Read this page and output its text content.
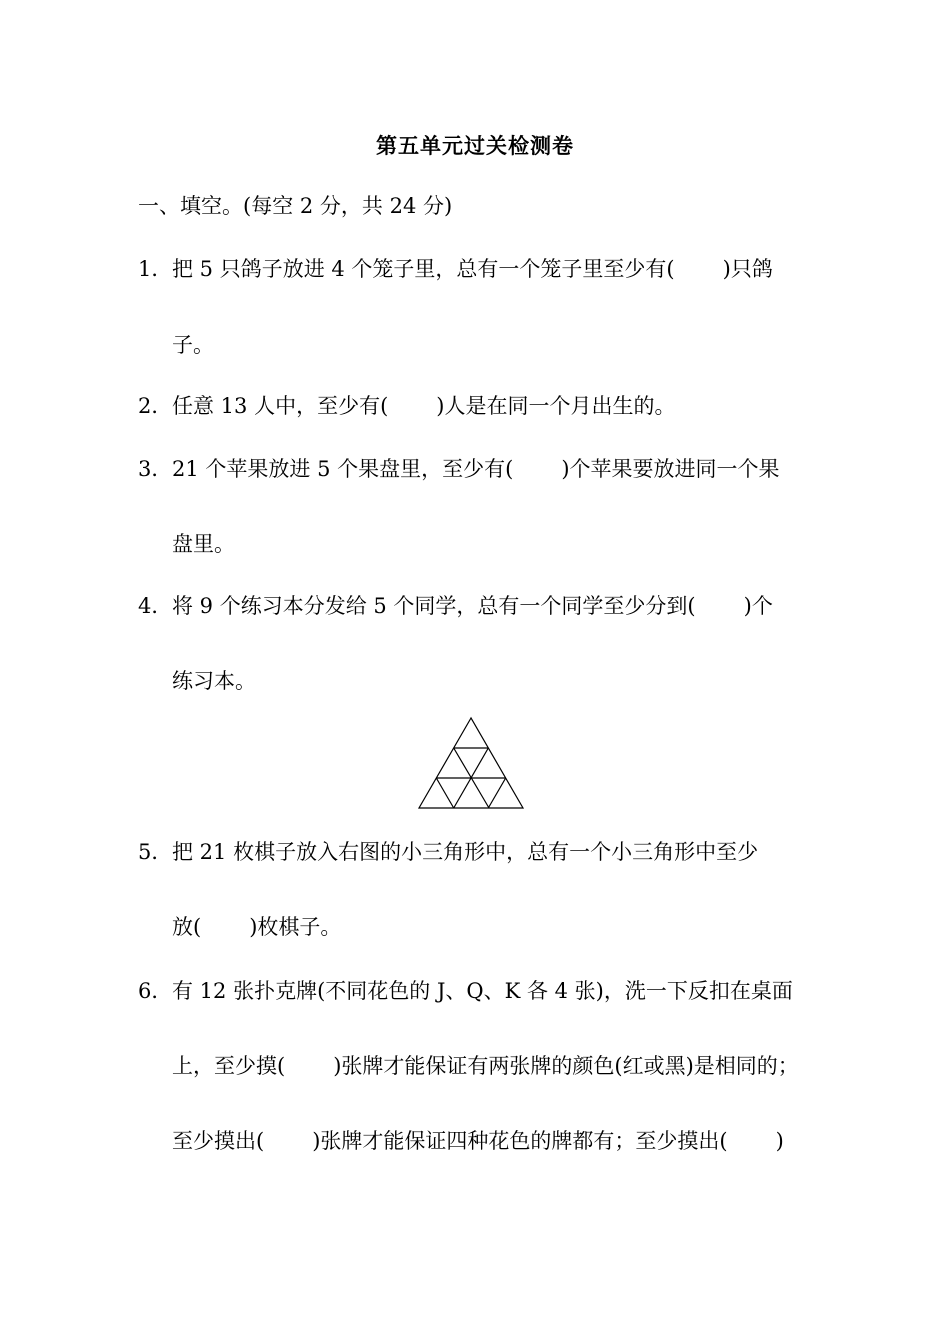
第五单元过关检测卷
一、填空。(每空 2 分，共 24 分)
1．把 5 只鸽子放进 4 个笼子里，总有一个笼子里至少有( )只鸽
子。
2．任意 13 人中，至少有( )人是在同一个月出生的。
3．21 个苹果放进 5 个果盘里，至少有( )个苹果要放进同一个果
盘里。
4．将 9 个练习本分发给 5 个同学，总有一个同学至少分到( )个
练习本。
5．把 21 枚棋子放入右图的小三角形中，总有一个小三角形中至少
放( )枚棋子。
6．有 12 张扑克牌(不同花色的 J、Q、K 各 4 张)，洗一下反扣在桌面
上，至少摸( )张牌才能保证有两张牌的颜色(红或黑)是相同的；
至少摸出( )张牌才能保证四种花色的牌都有；至少摸出( )
